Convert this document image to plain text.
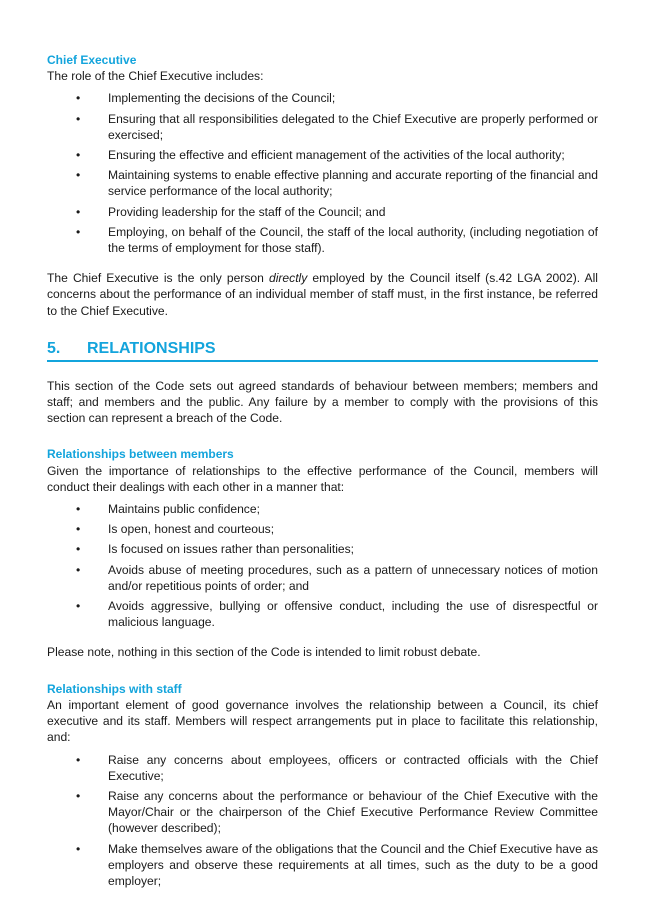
Chief Executive

The role of the Chief Executive includes:

• Implementing the decisions of the Council;
• Ensuring that all responsibilities delegated to the Chief Executive are properly performed or exercised;
• Ensuring the effective and efficient management of the activities of the local authority;
• Maintaining systems to enable effective planning and accurate reporting of the financial and service performance of the local authority;
• Providing leadership for the staff of the Council; and
• Employing, on behalf of the Council, the staff of the local authority, (including negotiation of the terms of employment for those staff).

The Chief Executive is the only person directly employed by the Council itself (s.42 LGA 2002). All concerns about the performance of an individual member of staff must, in the first instance, be referred to the Chief Executive.

5.	RELATIONSHIPS

This section of the Code sets out agreed standards of behaviour between members; members and staff; and members and the public. Any failure by a member to comply with the provisions of this section can represent a breach of the Code.

Relationships between members

Given the importance of relationships to the effective performance of the Council, members will conduct their dealings with each other in a manner that:

• Maintains public confidence;
• Is open, honest and courteous;
• Is focused on issues rather than personalities;
• Avoids abuse of meeting procedures, such as a pattern of unnecessary notices of motion and/or repetitious points of order; and
• Avoids aggressive, bullying or offensive conduct, including the use of disrespectful or malicious language.

Please note, nothing in this section of the Code is intended to limit robust debate.

Relationships with staff

An important element of good governance involves the relationship between a Council, its chief executive and its staff. Members will respect arrangements put in place to facilitate this relationship, and:

• Raise any concerns about employees, officers or contracted officials with the Chief Executive;
• Raise any concerns about the performance or behaviour of the Chief Executive with the Mayor/Chair or the chairperson of the Chief Executive Performance Review Committee (however described);
• Make themselves aware of the obligations that the Council and the Chief Executive have as employers and observe these requirements at all times, such as the duty to be a good employer;
